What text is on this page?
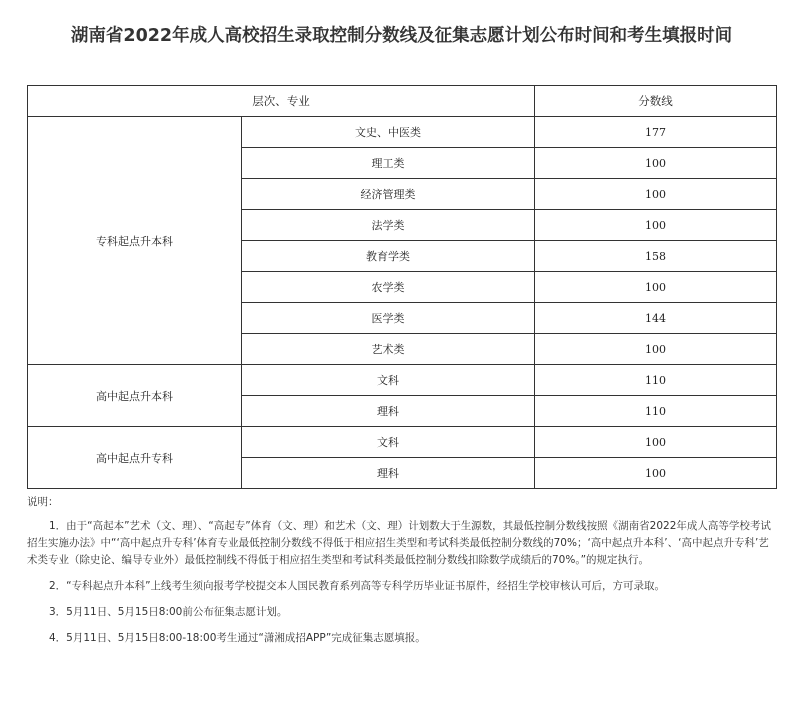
湖南省2022年成人高校招生录取控制分数线及征集志愿计划公布时间和考生填报时间
层次、专业		分数线
专科起点升本科	文史、中医类	177
	理工类	100
	经济管理类	100
	法学类	100
	教育学类	158
	农学类	100
	医学类	144
	艺术类	100
高中起点升本科	文科	110
	理科	110
高中起点升专科	文科	100
	理科	100

说明：

1．由于“高起本”艺术（文、理）、“高起专”体育（文、理）和艺术（文、理）计划数大于生源数，其最低控制分数线按照《湖南省2022年成人高等学校考试招生实施办法》中“‘高中起点升专科’体育专业最低控制分数线不得低于相应招生类型和考试科类最低控制分数线的70%；‘高中起点升本科’、‘高中起点升专科’艺术类专业（除史论、编导专业外）最低控制线不得低于相应招生类型和考试科类最低控制分数线扣除数学成绩后的70%。”的规定执行。

2．“专科起点升本科”上线考生须向报考学校提交本人国民教育系列高等专科学历毕业证书原件，经招生学校审核认可后，方可录取。

3．5月11日、5月15日8:00前公布征集志愿计划。

4．5月11日、5月15日8:00-18:00考生通过“潇湘成招APP”完成征集志愿填报。
